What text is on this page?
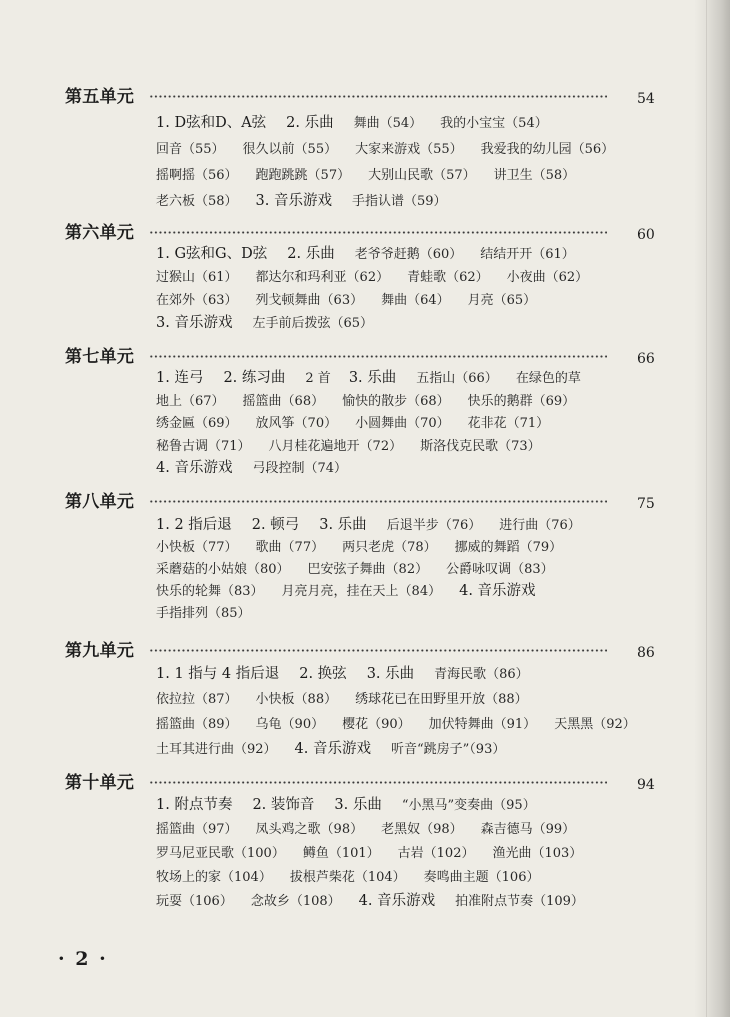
第五单元	54
1. D弦和D、A弦 2. 乐曲 舞曲（54） 我的小宝宝（54）
回音（55） 很久以前（55） 大家来游戏（55） 我爱我的幼儿园（56）
摇啊摇（56） 跑跑跳跳（57） 大别山民歌（57） 讲卫生（58）
老六板（58） 3. 音乐游戏 手指认谱（59）
第六单元	60
1. G弦和G、D弦 2. 乐曲 老爷爷赶鹅（60） 结结开开（61）
过猴山（61） 都达尔和玛利亚（62） 青蛙歌（62） 小夜曲（62）
在郊外（63） 列戈顿舞曲（63） 舞曲（64） 月亮（65）
3. 音乐游戏 左手前后拨弦（65）
第七单元	66
1. 连弓 2. 练习曲 2 首 3. 乐曲 五指山（66） 在绿色的草
地上（67） 摇篮曲（68） 愉快的散步（68） 快乐的鹅群（69）
绣金匾（69） 放风筝（70） 小圆舞曲（70） 花非花（71）
秘鲁古调（71） 八月桂花遍地开（72） 斯洛伐克民歌（73）
4. 音乐游戏 弓段控制（74）
第八单元	75
1. 2 指后退 2. 顿弓 3. 乐曲 后退半步（76） 进行曲（76）
小快板（77） 歌曲（77） 两只老虎（78） 挪威的舞蹈（79）
采蘑菇的小姑娘（80） 巴安弦子舞曲（82） 公爵咏叹调（83）
快乐的轮舞（83） 月亮月亮，挂在天上（84） 4. 音乐游戏
手指排列（85）
第九单元	86
1. 1 指与 4 指后退 2. 换弦 3. 乐曲 青海民歌（86）
依拉拉（87） 小快板（88） 绣球花已在田野里开放（88）
摇篮曲（89） 乌龟（90） 樱花（90） 加伏特舞曲（91） 天黑黑（92）
土耳其进行曲（92） 4. 音乐游戏 听音“跳房子”（93）
第十单元	94
1. 附点节奏 2. 装饰音 3. 乐曲 “小黑马”变奏曲（95）
摇篮曲（97） 凤头鸡之歌（98） 老黑奴（98） 森吉德马（99）
罗马尼亚民歌（100） 鳟鱼（101） 古岩（102） 渔光曲（103）
牧场上的家（104） 拔根芦柴花（104） 奏鸣曲主题（106）
玩耍（106） 念故乡（108） 4. 音乐游戏 拍准附点节奏（109）
· 2 ·
